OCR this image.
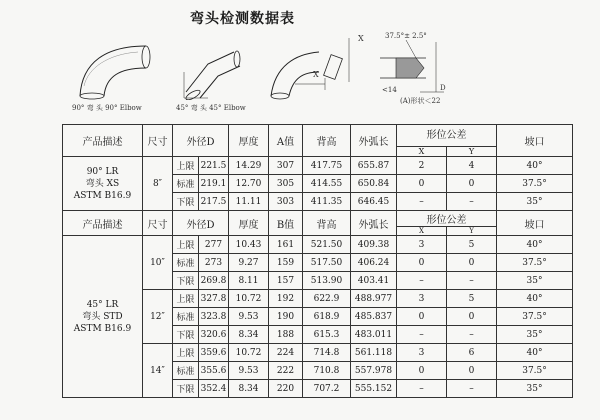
弯头检测数据表
90° 弯 头 90° Elbow	45° 弯 头 45° Elbow
X
X
37.5°± 2.5°
<14	D
(A)形状＜22
产品描述	尺寸	外径D		厚度	A值	背高	外弧长	形位公差		坡口
								X	Y	
90° LR
弯头 XS
ASTM B16.9	8″	上限	221.5	14.29	307	417.75	655.87	2	4	40°
		标准	219.1	12.70	305	414.55	650.84	0	0	37.5°
		下限	217.5	11.11	303	411.35	646.45	–	–	35°
产品描述	尺寸	外径D		厚度	B值	背高	外弧长	形位公差		坡口
								X	Y	
45° LR
弯头 STD
ASTM B16.9	10″	上限	277	10.43	161	521.50	409.38	3	5	40°
		标准	273	9.27	159	517.50	406.24	0	0	37.5°
		下限	269.8	8.11	157	513.90	403.41	–	–	35°
	12″	上限	327.8	10.72	192	622.9	488.977	3	5	40°
		标准	323.8	9.53	190	618.9	485.837	0	0	37.5°
		下限	320.6	8.34	188	615.3	483.011	–	–	35°
	14″	上限	359.6	10.72	224	714.8	561.118	3	6	40°
		标准	355.6	9.53	222	710.8	557.978	0	0	37.5°
		下限	352.4	8.34	220	707.2	555.152	–	–	35°
